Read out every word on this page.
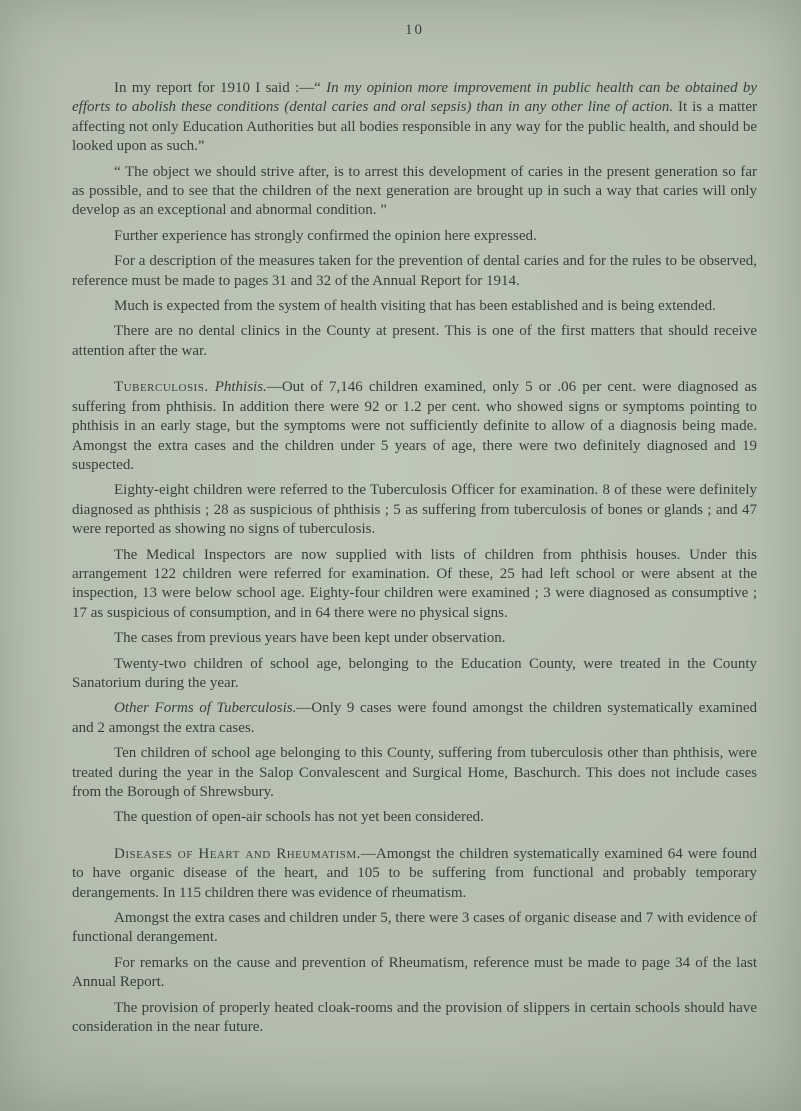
10

In my report for 1910 I said :—“ In my opinion more improvement in public health can be obtained by efforts to abolish these conditions (dental caries and oral sepsis) than in any other line of action. It is a matter affecting not only Education Authorities but all bodies responsible in any way for the public health, and should be looked upon as such.”

“ The object we should strive after, is to arrest this development of caries in the present generation so far as possible, and to see that the children of the next generation are brought up in such a way that caries will only develop as an exceptional and abnormal condition. ”

Further experience has strongly confirmed the opinion here expressed.

For a description of the measures taken for the prevention of dental caries and for the rules to be observed, reference must be made to pages 31 and 32 of the Annual Report for 1914.

Much is expected from the system of health visiting that has been established and is being extended.

There are no dental clinics in the County at present. This is one of the first matters that should receive attention after the war.

Tuberculosis. Phthisis.—Out of 7,146 children examined, only 5 or .06 per cent. were diagnosed as suffering from phthisis. In addition there were 92 or 1.2 per cent. who showed signs or symptoms pointing to phthisis in an early stage, but the symptoms were not sufficiently definite to allow of a diagnosis being made. Amongst the extra cases and the children under 5 years of age, there were two definitely diagnosed and 19 suspected.

Eighty-eight children were referred to the Tuberculosis Officer for examination. 8 of these were definitely diagnosed as phthisis ; 28 as suspicious of phthisis ; 5 as suffering from tuberculosis of bones or glands ; and 47 were reported as showing no signs of tuberculosis.

The Medical Inspectors are now supplied with lists of children from phthisis houses. Under this arrangement 122 children were referred for examination. Of these, 25 had left school or were absent at the inspection, 13 were below school age. Eighty-four children were examined ; 3 were diagnosed as consumptive ; 17 as suspicious of consumption, and in 64 there were no physical signs.

The cases from previous years have been kept under observation.

Twenty-two children of school age, belonging to the Education County, were treated in the County Sanatorium during the year.

Other Forms of Tuberculosis.—Only 9 cases were found amongst the children systematically examined and 2 amongst the extra cases.

Ten children of school age belonging to this County, suffering from tuberculosis other than phthisis, were treated during the year in the Salop Convalescent and Surgical Home, Baschurch. This does not include cases from the Borough of Shrewsbury.

The question of open-air schools has not yet been considered.

Diseases of Heart and Rheumatism.—Amongst the children systematically examined 64 were found to have organic disease of the heart, and 105 to be suffering from functional and probably temporary derangements. In 115 children there was evidence of rheumatism.

Amongst the extra cases and children under 5, there were 3 cases of organic disease and 7 with evidence of functional derangement.

For remarks on the cause and prevention of Rheumatism, reference must be made to page 34 of the last Annual Report.

The provision of properly heated cloak-rooms and the provision of slippers in certain schools should have consideration in the near future.
